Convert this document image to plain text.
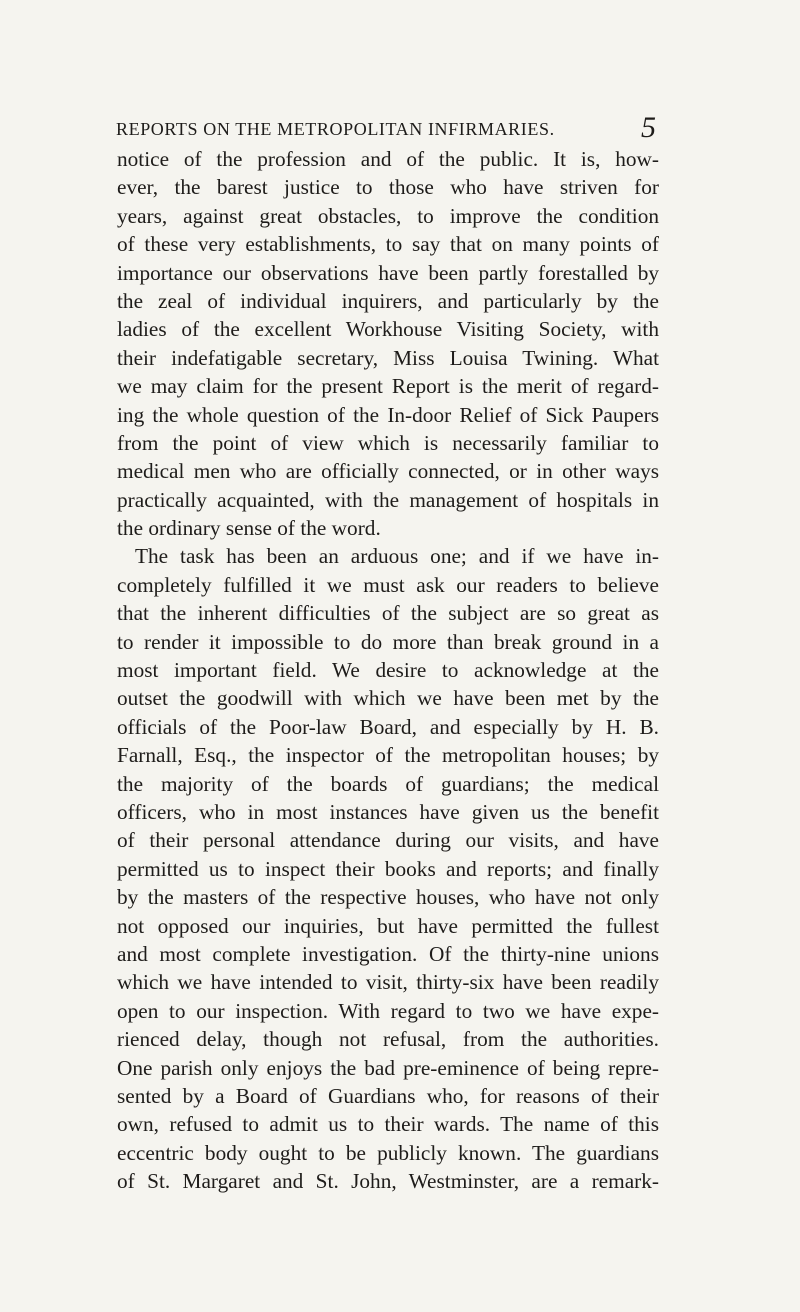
REPORTS ON THE METROPOLITAN INFIRMARIES.	5
notice of the profession and of the public. It is, how-
ever, the barest justice to those who have striven for
years, against great obstacles, to improve the condition
of these very establishments, to say that on many points of
importance our observations have been partly forestalled by
the zeal of individual inquirers, and particularly by the
ladies of the excellent Workhouse Visiting Society, with
their indefatigable secretary, Miss Louisa Twining. What
we may claim for the present Report is the merit of regard-
ing the whole question of the In-door Relief of Sick Paupers
from the point of view which is necessarily familiar to
medical men who are officially connected, or in other ways
practically acquainted, with the management of hospitals in
the ordinary sense of the word.
The task has been an arduous one; and if we have in-
completely fulfilled it we must ask our readers to believe
that the inherent difficulties of the subject are so great as
to render it impossible to do more than break ground in a
most important field. We desire to acknowledge at the
outset the goodwill with which we have been met by the
officials of the Poor-law Board, and especially by H. B.
Farnall, Esq., the inspector of the metropolitan houses; by
the majority of the boards of guardians; the medical
officers, who in most instances have given us the benefit
of their personal attendance during our visits, and have
permitted us to inspect their books and reports; and finally
by the masters of the respective houses, who have not only
not opposed our inquiries, but have permitted the fullest
and most complete investigation. Of the thirty-nine unions
which we have intended to visit, thirty-six have been readily
open to our inspection. With regard to two we have expe-
rienced delay, though not refusal, from the authorities.
One parish only enjoys the bad pre-eminence of being repre-
sented by a Board of Guardians who, for reasons of their
own, refused to admit us to their wards. The name of this
eccentric body ought to be publicly known. The guardians
of St. Margaret and St. John, Westminster, are a remark-
